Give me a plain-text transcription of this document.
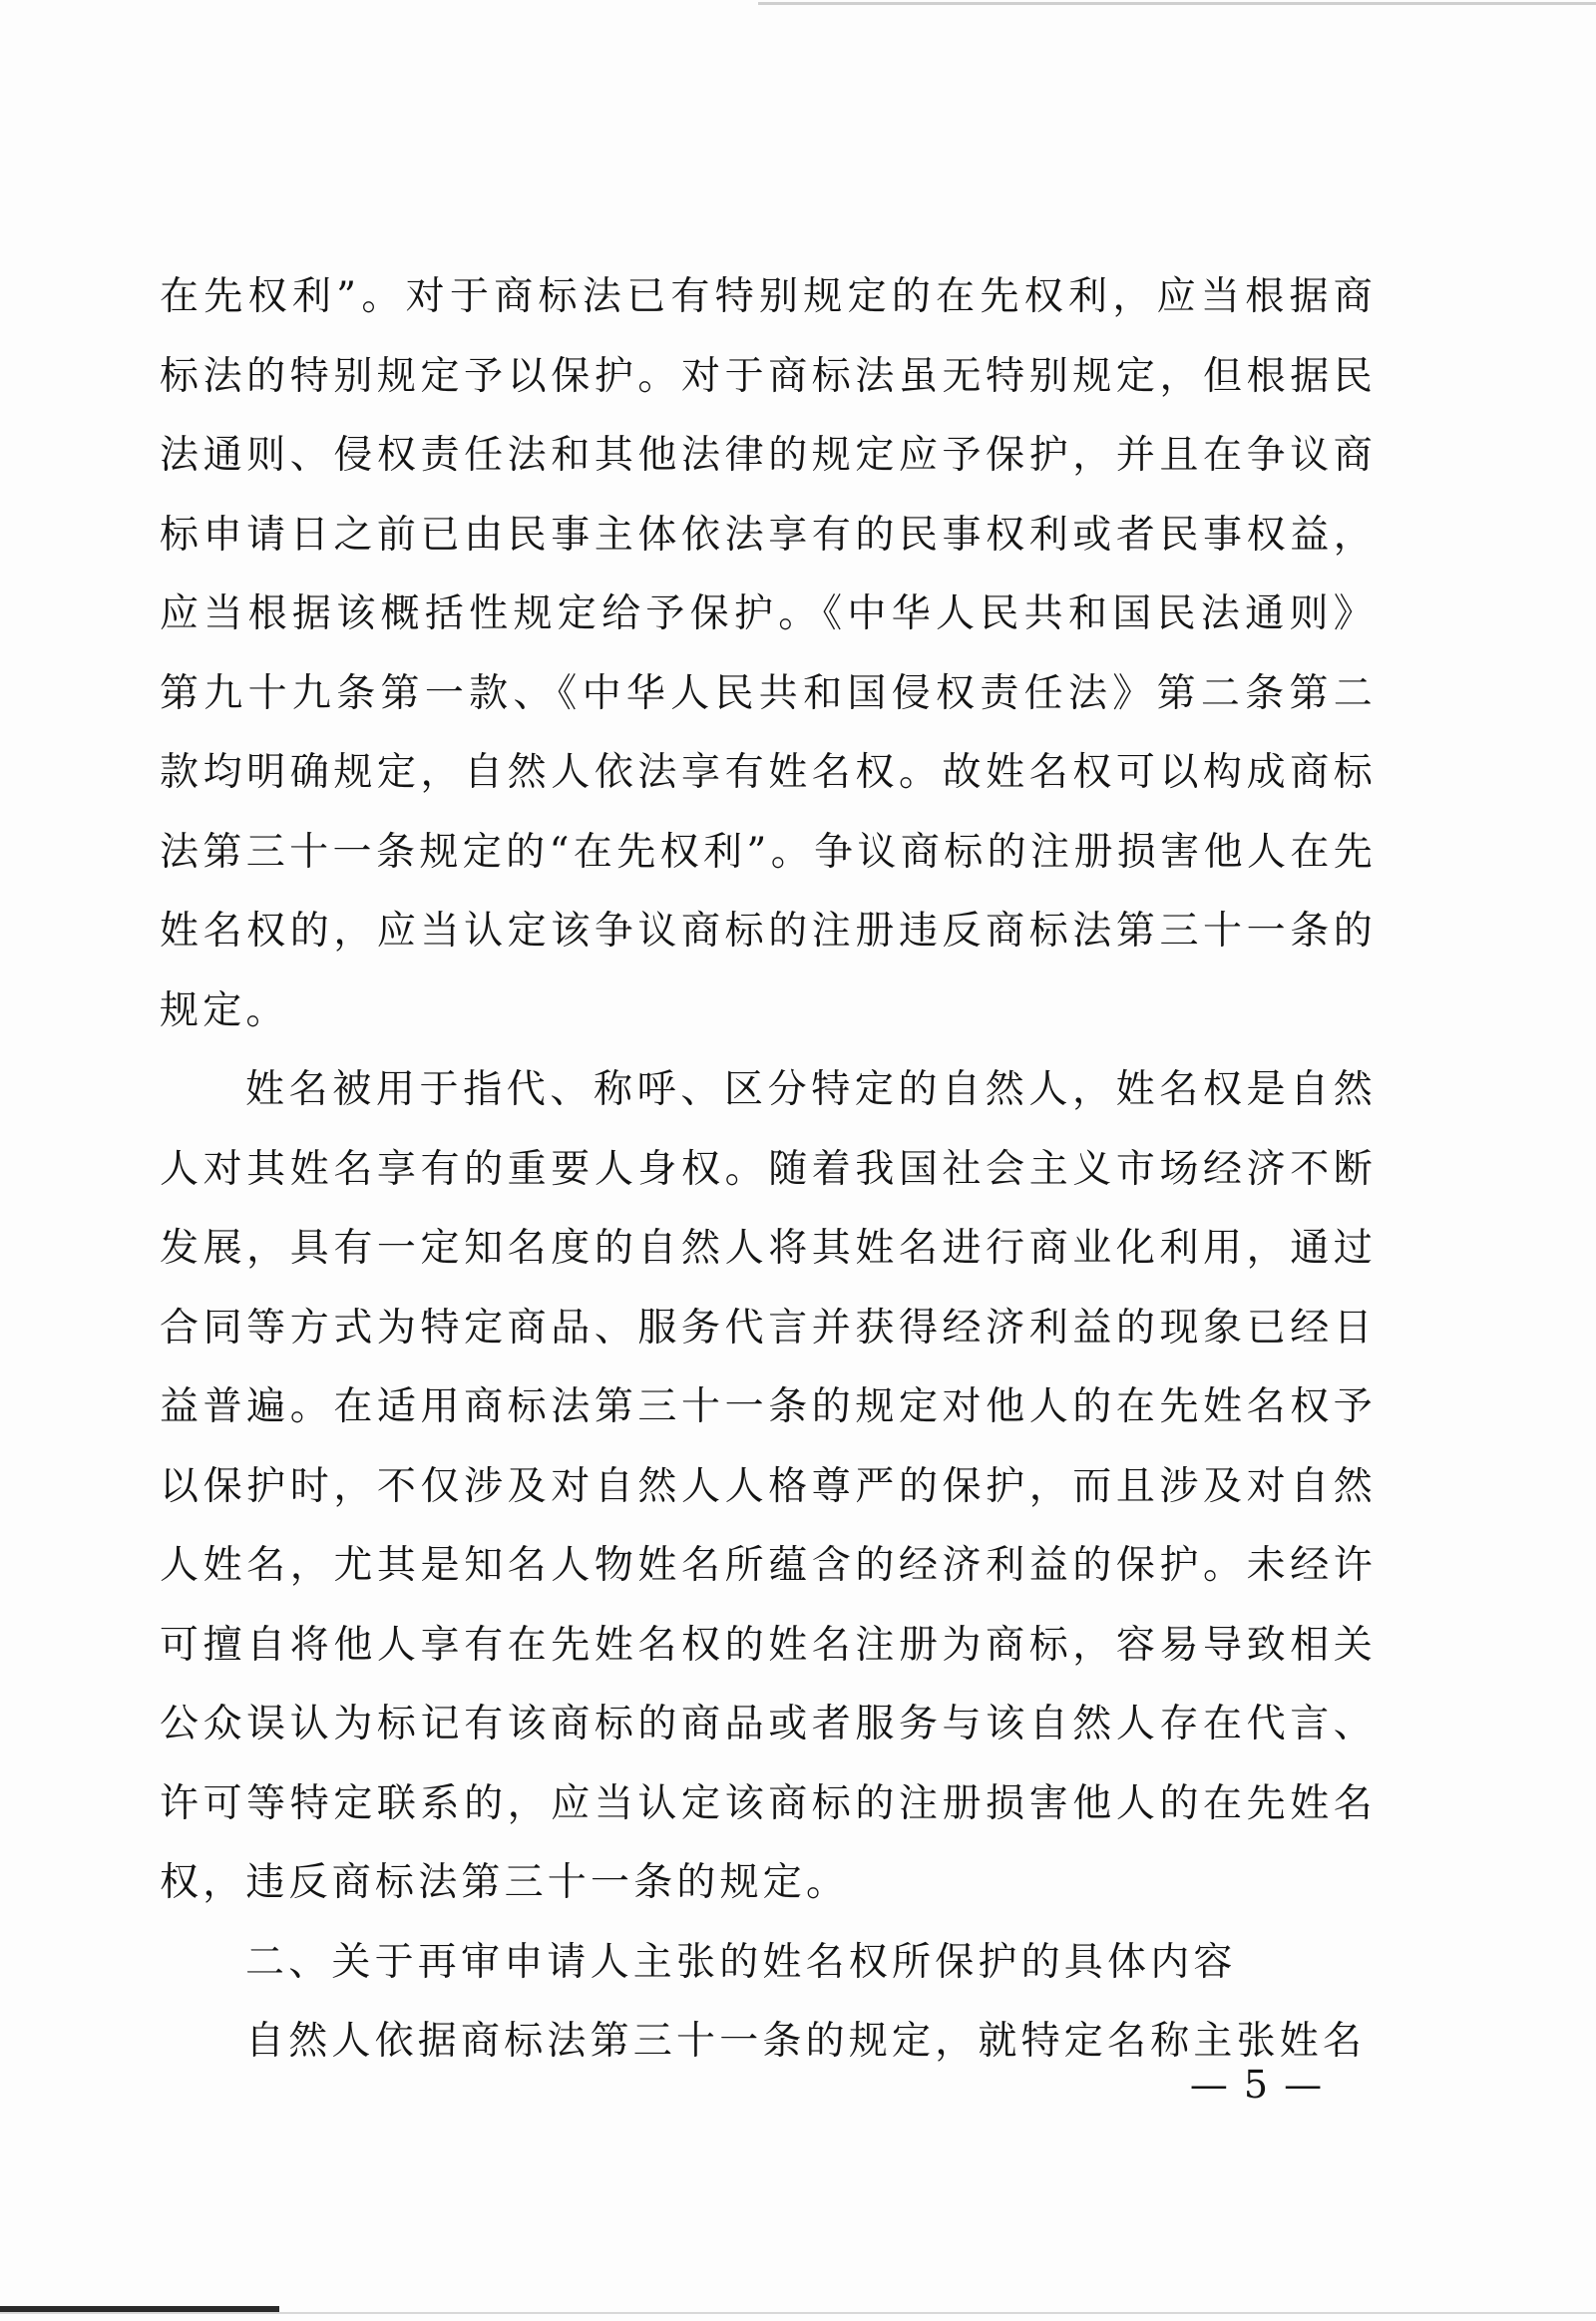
在先权利”。对于商标法已有特别规定的在先权利，应当根据商标法的特别规定予以保护。对于商标法虽无特别规定，但根据民法通则、侵权责任法和其他法律的规定应予保护，并且在争议商标申请日之前已由民事主体依法享有的民事权利或者民事权益，应当根据该概括性规定给予保护。《中华人民共和国民法通则》第九十九条第一款、《中华人民共和国侵权责任法》第二条第二款均明确规定，自然人依法享有姓名权。故姓名权可以构成商标法第三十一条规定的“在先权利”。争议商标的注册损害他人在先姓名权的，应当认定该争议商标的注册违反商标法第三十一条的规定。

姓名被用于指代、称呼、区分特定的自然人，姓名权是自然人对其姓名享有的重要人身权。随着我国社会主义市场经济不断发展，具有一定知名度的自然人将其姓名进行商业化利用，通过合同等方式为特定商品、服务代言并获得经济利益的现象已经日益普遍。在适用商标法第三十一条的规定对他人的在先姓名权予以保护时，不仅涉及对自然人人格尊严的保护，而且涉及对自然人姓名，尤其是知名人物姓名所蕴含的经济利益的保护。未经许可擅自将他人享有在先姓名权的姓名注册为商标，容易导致相关公众误认为标记有该商标的商品或者服务与该自然人存在代言、许可等特定联系的，应当认定该商标的注册损害他人的在先姓名权，违反商标法第三十一条的规定。

二、关于再审申请人主张的姓名权所保护的具体内容

自然人依据商标法第三十一条的规定，就特定名称主张姓名

— 5 —
